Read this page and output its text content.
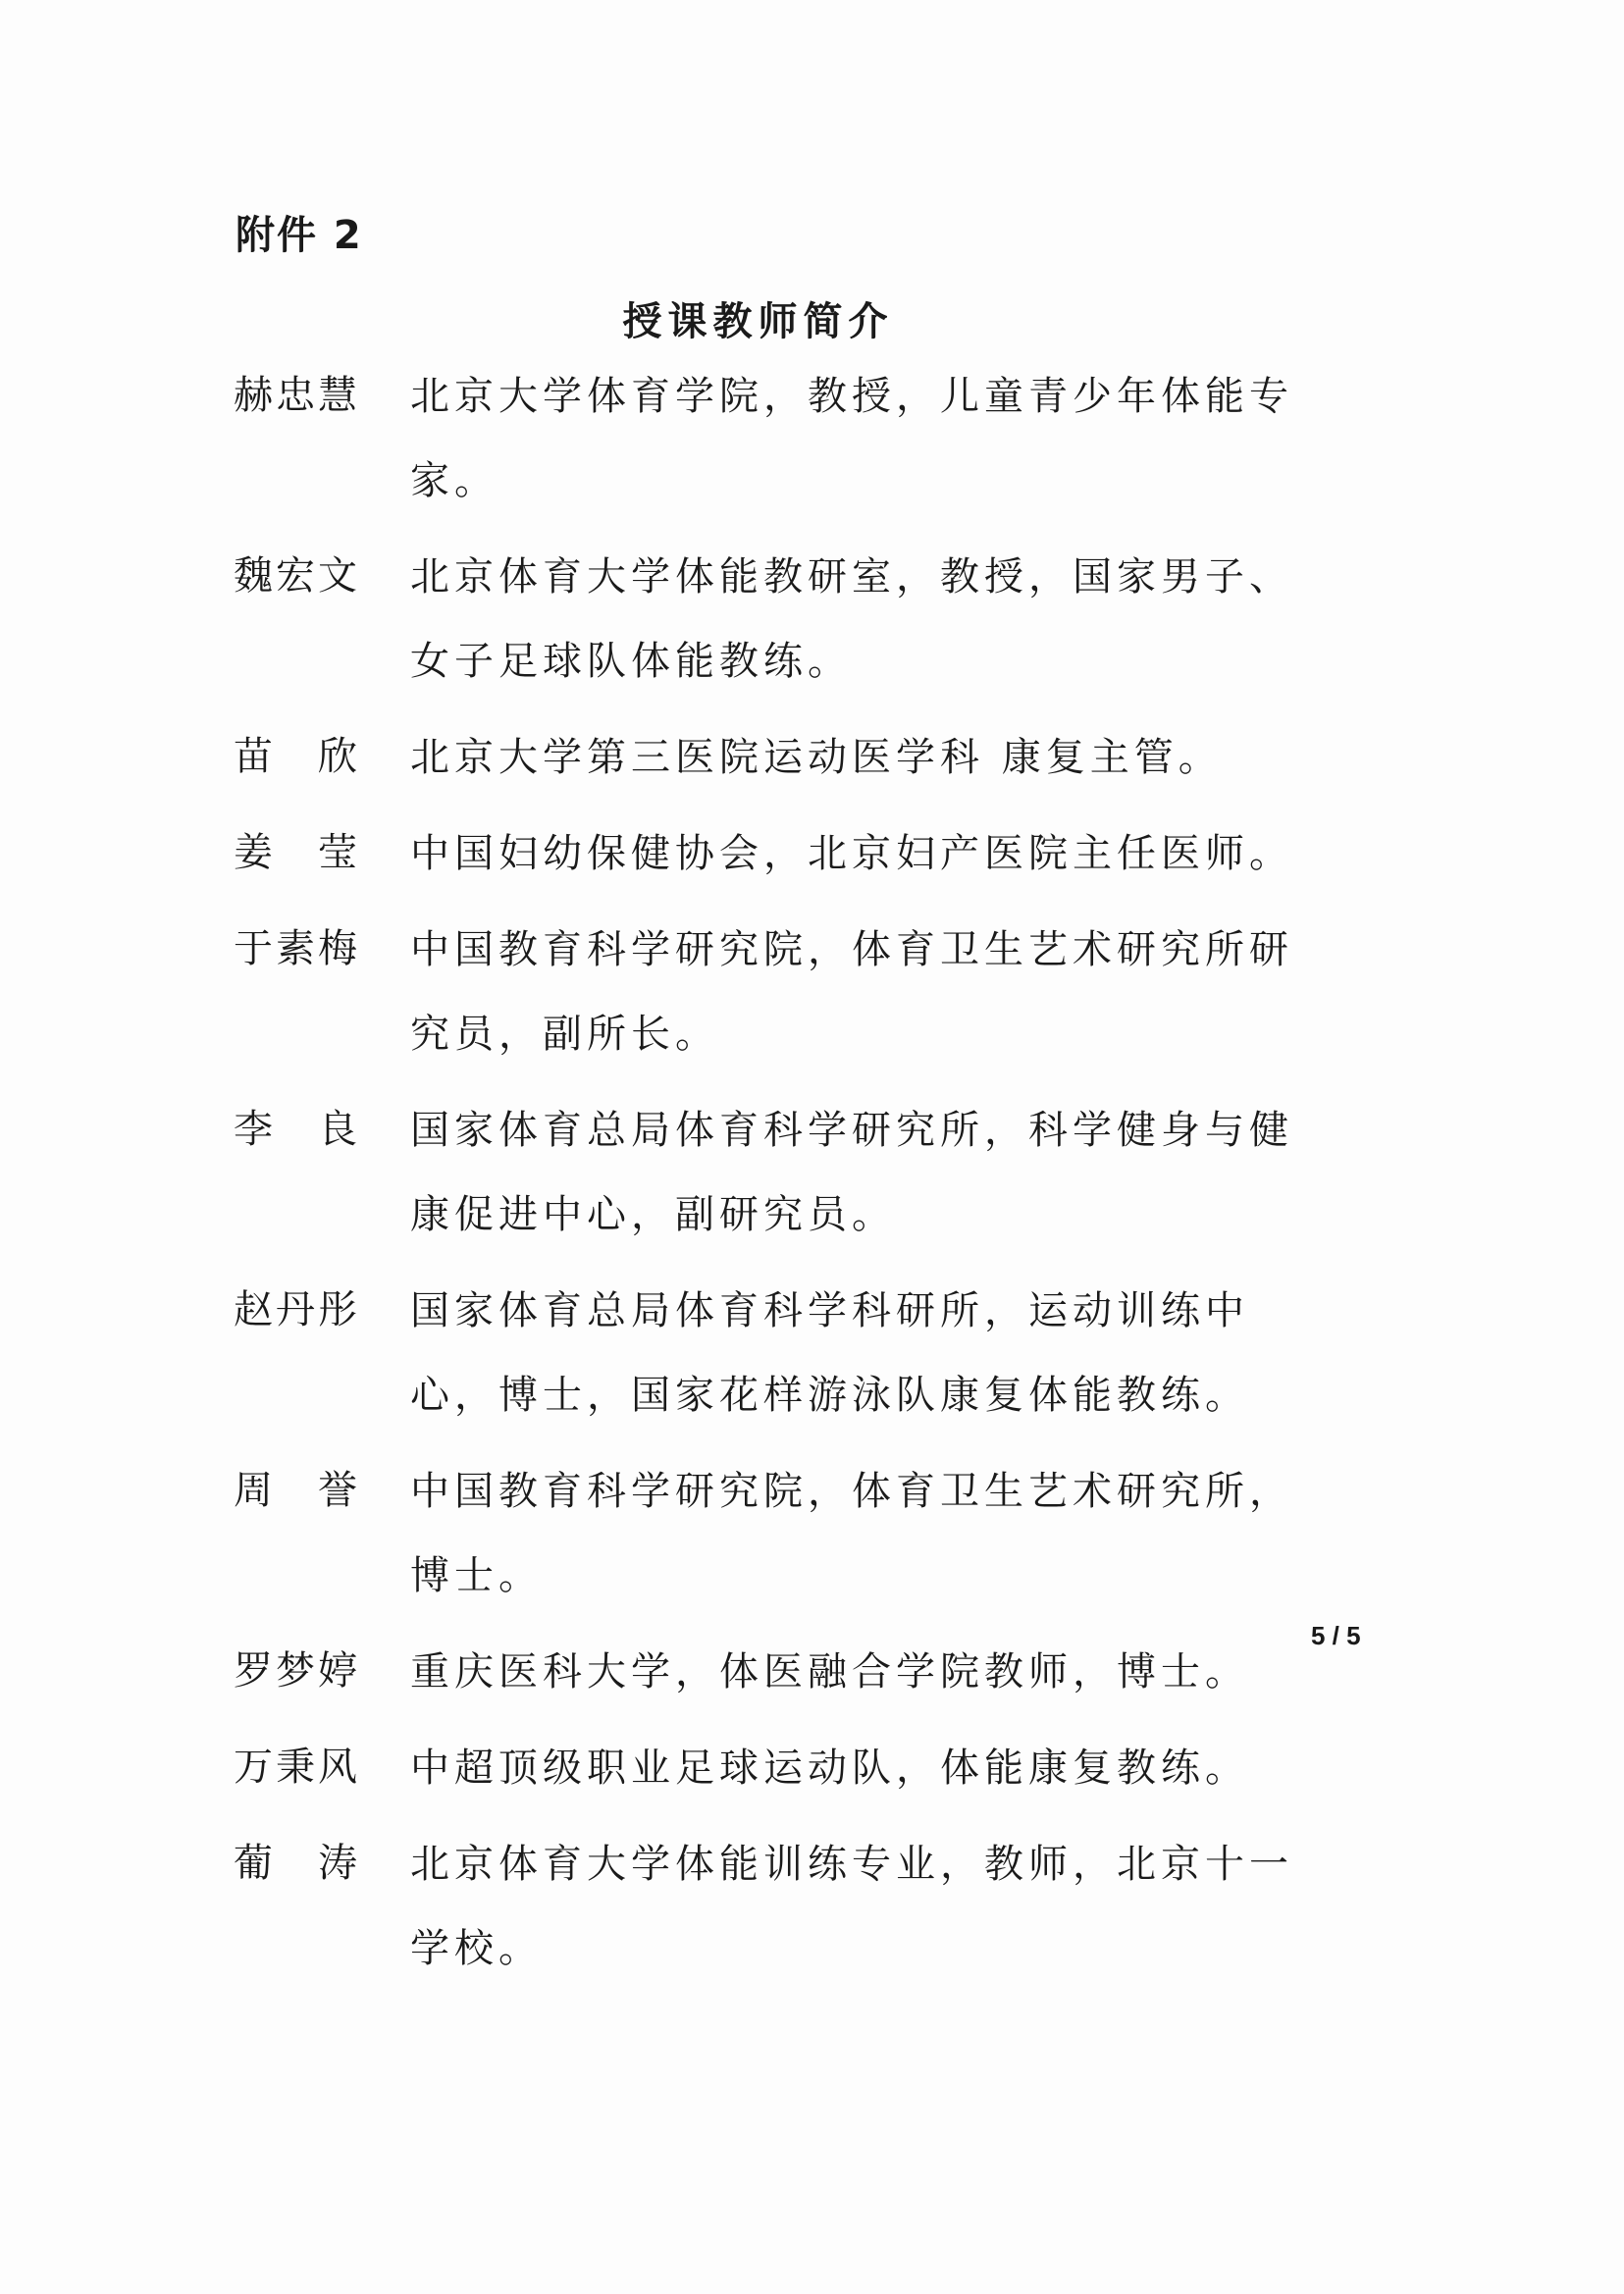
附件 2
授课教师简介
赫忠慧	北京大学体育学院，教授，儿童青少年体能专家。
魏宏文	北京体育大学体能教研室，教授，国家男子、女子足球队体能教练。
苗　欣	北京大学第三医院运动医学科 康复主管。
姜　莹	中国妇幼保健协会，北京妇产医院主任医师。
于素梅	中国教育科学研究院，体育卫生艺术研究所研究员，副所长。
李　良	国家体育总局体育科学研究所，科学健身与健康促进中心，副研究员。
赵丹彤	国家体育总局体育科学科研所，运动训练中心，博士，国家花样游泳队康复体能教练。
周　誉	中国教育科学研究院，体育卫生艺术研究所，博士。
罗梦婷	重庆医科大学，体医融合学院教师，博士。
万秉风	中超顶级职业足球运动队，体能康复教练。
葡　涛	北京体育大学体能训练专业，教师，北京十一学校。
5 / 5
